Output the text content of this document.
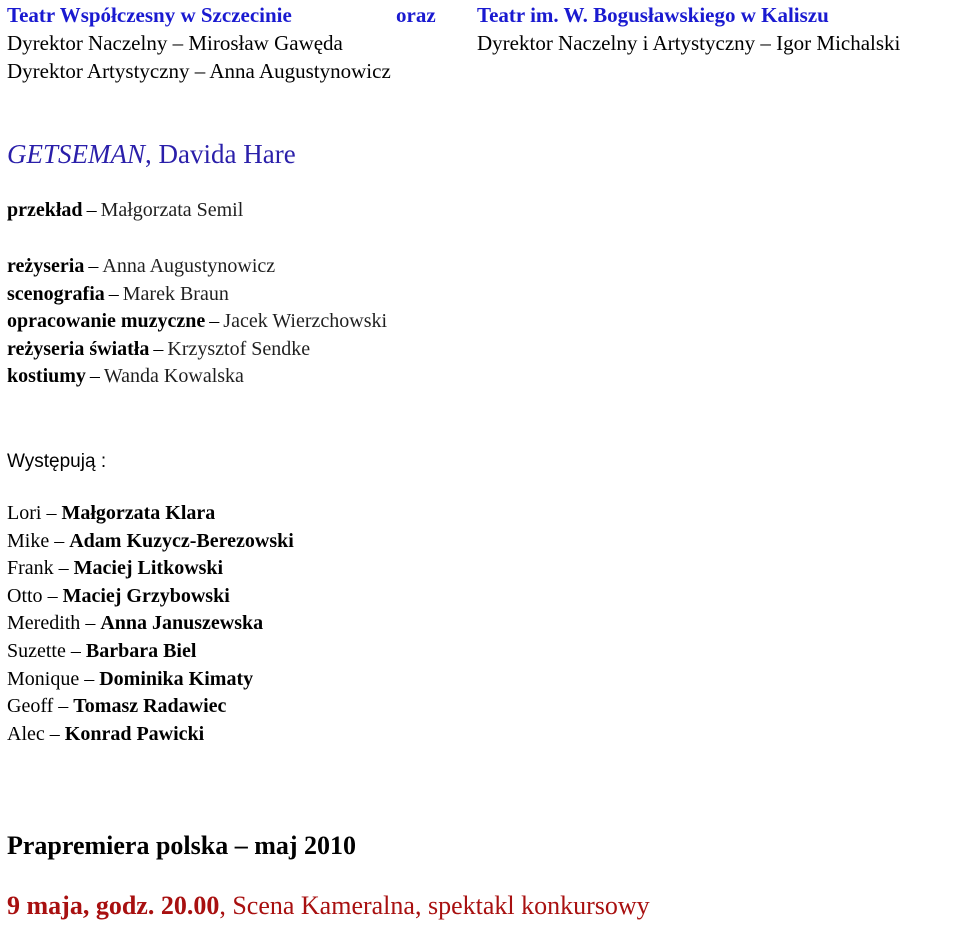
Teatr Współczesny w Szczecinie	oraz Teatr im. W. Bogusławskiego w Kaliszu
Dyrektor Naczelny – Mirosław Gawęda	Dyrektor Naczelny i Artystyczny – Igor Michalski
Dyrektor Artystyczny – Anna Augustynowicz
GETSEMAN, Davida Hare
przekład – Małgorzata Semil
reżyseria – Anna Augustynowicz
scenografia – Marek Braun
opracowanie muzyczne – Jacek Wierzchowski
reżyseria światła – Krzysztof Sendke
kostiumy – Wanda Kowalska
Występują :
Lori – Małgorzata Klara
Mike – Adam Kuzycz-Berezowski
Frank – Maciej Litkowski
Otto – Maciej Grzybowski
Meredith – Anna Januszewska
Suzette – Barbara Biel
Monique – Dominika Kimaty
Geoff – Tomasz Radawiec
Alec – Konrad Pawicki
Prapremiera polska – maj 2010
9 maja, godz. 20.00, Scena Kameralna, spektakl konkursowy
